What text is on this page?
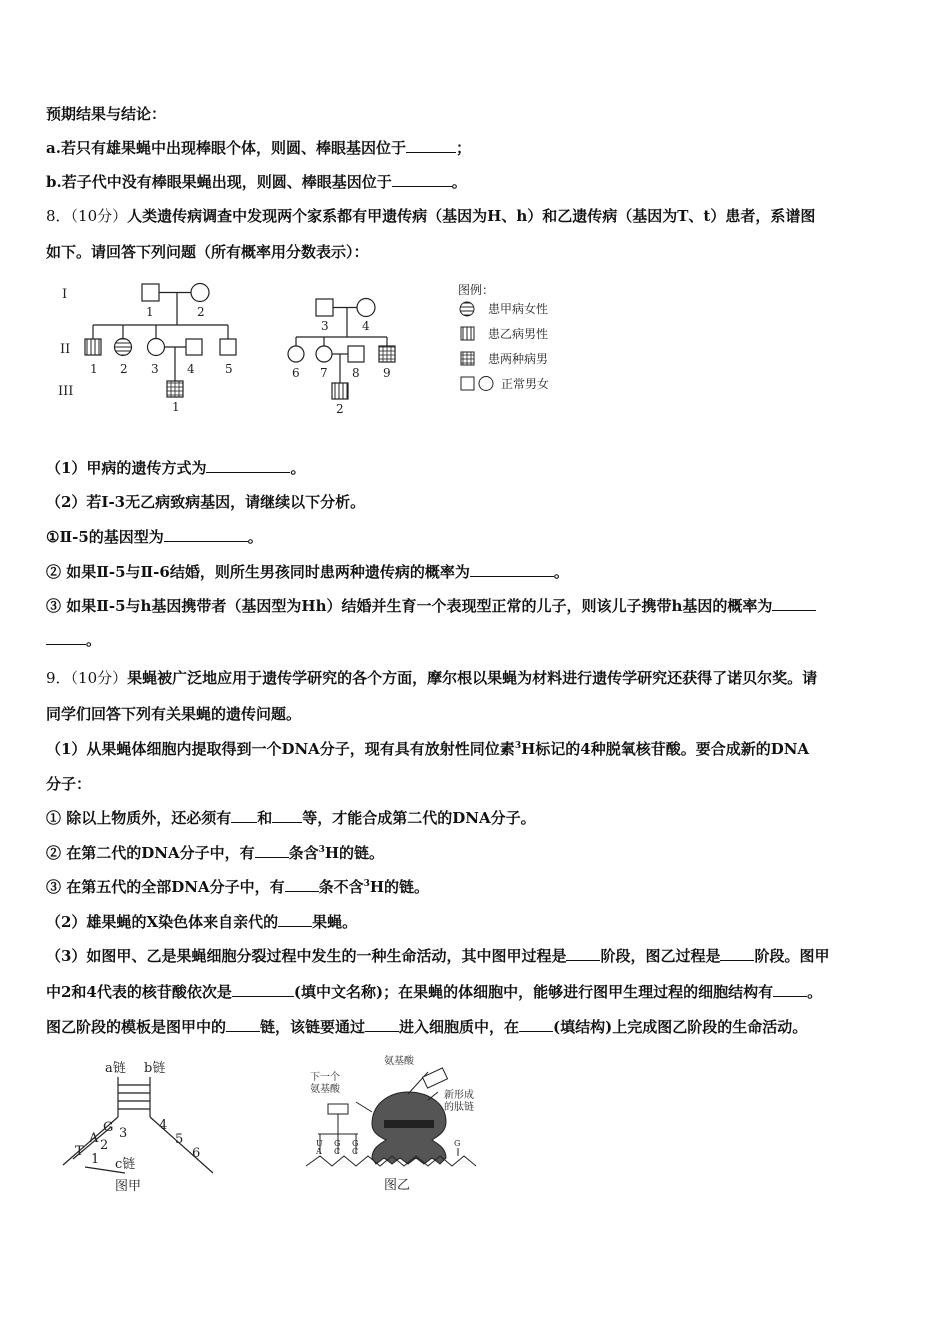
预期结果与结论：
a.若只有雄果蝇中出现棒眼个体，则圆、棒眼基因位于	；
b.若子代中没有棒眼果蝇出现，则圆、棒眼基因位于	。
8．（10分）人类遗传病调查中发现两个家系都有甲遗传病（基因为H、h）和乙遗传病（基因为T、t）患者，系谱图
如下。请回答下列问题（所有概率用分数表示）：
I
II
III
1	2
3	4
1 2 3 4	5	6 7 8 9
1	2
图例：
患甲病女性
患乙病男性
患两种病男
正常男女
（1）甲病的遗传方式为	。
（2）若I-3无乙病致病基因，请继续以下分析。
①Ⅱ-5的基因型为	。
② 如果Ⅱ-5与Ⅱ-6结婚，则所生男孩同时患两种遗传病的概率为	。
③ 如果Ⅱ-5与h基因携带者（基因型为Hh）结婚并生育一个表现型正常的儿子，则该儿子携带h基因的概率为
。
9．（10分）果蝇被广泛地应用于遗传学研究的各个方面，摩尔根以果蝇为材料进行遗传学研究还获得了诺贝尔奖。请
同学们回答下列有关果蝇的遗传问题。
（1）从果蝇体细胞内提取得到一个DNA分子，现有具有放射性同位素$^3$H标记的4种脱氧核苷酸。要合成新的DNA
分子：
① 除以上物质外，还必须有 和 等，才能合成第二代的DNA分子。
② 在第二代的DNA分子中，有 条含$^3$H的链。
③ 在第五代的全部DNA分子中，有 条不含$^3$H的链。
（2）雄果蝇的X染色体来自亲代的 果蝇。
（3）如图甲、乙是果蝇细胞分裂过程中发生的一种生命活动，其中图甲过程是 阶段，图乙过程是 阶段。图甲
中2和4代表的核苷酸依次是	(填中文名称)；在果蝇的体细胞中，能够进行图甲生理过程的细胞结构有 。
图乙阶段的模板是图甲中的 链，该链要通过 进入细胞质中，在 (填结构)上完成图乙阶段的生命活动。
a链 b链
G
A
T
3
2
1
4
5
6
c链
图甲
下一个
氨基酸
氨基酸
新形成
的肽链
U
A
G
C
G
C
G
图乙
